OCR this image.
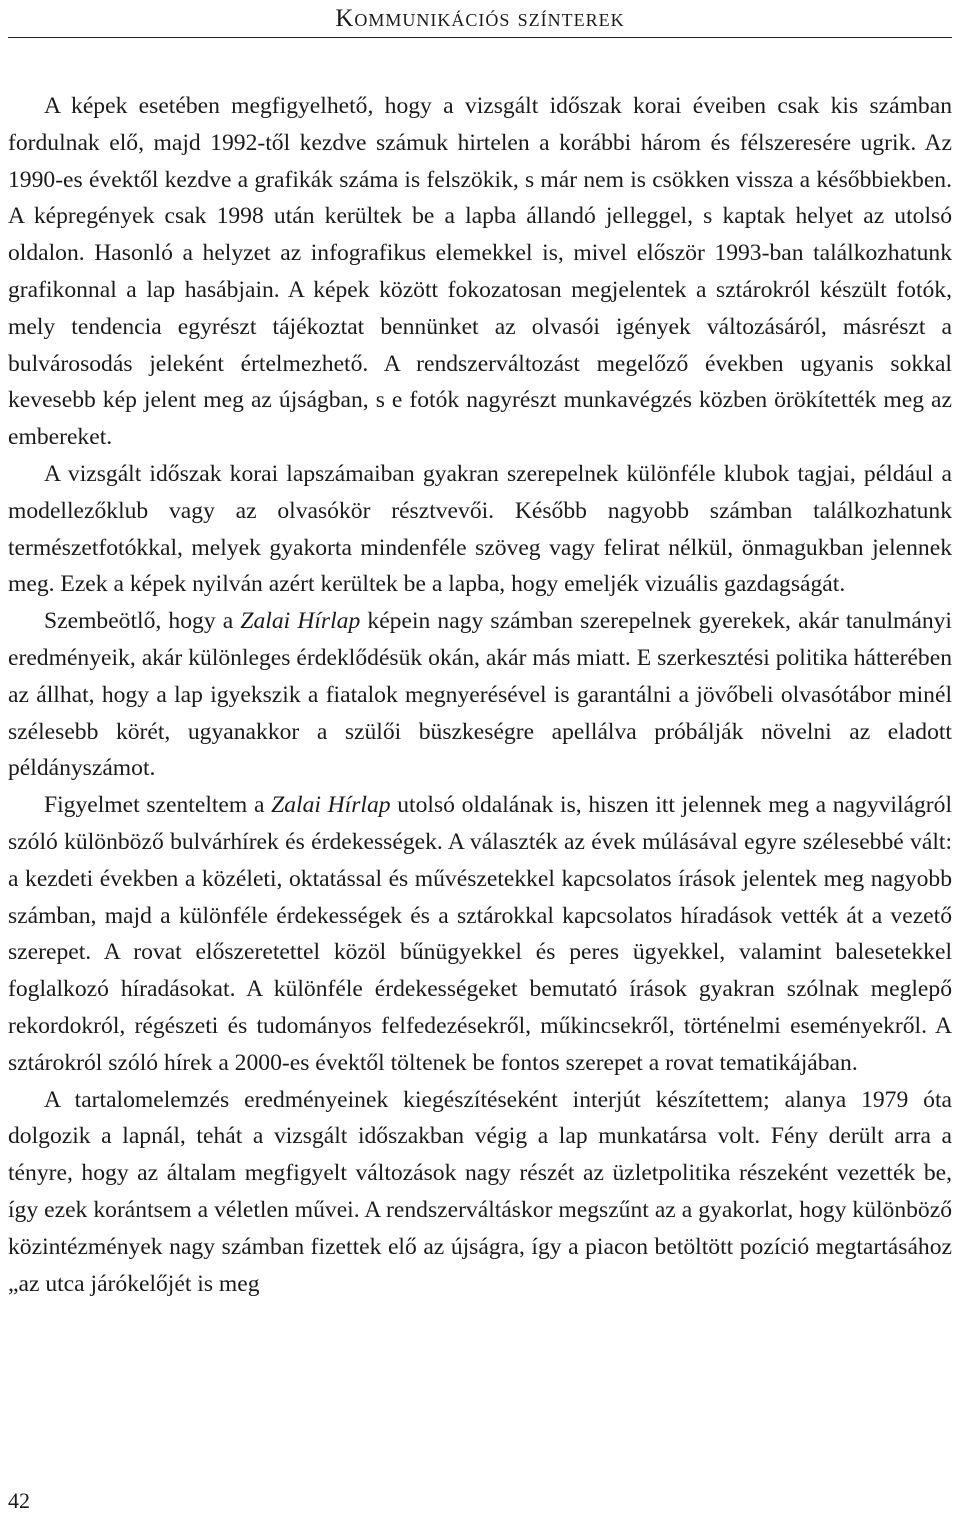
Kommunikációs színterek

A képek esetében megfigyelhető, hogy a vizsgált időszak korai éveiben csak kis számban fordulnak elő, majd 1992-től kezdve számuk hirtelen a korábbi három és félszeresére ugrik. Az 1990-es évektől kezdve a grafikák száma is felszökik, s már nem is csökken vissza a későbbiekben. A képregények csak 1998 után kerültek be a lapba állandó jelleggel, s kaptak helyet az utolsó oldalon. Hasonló a helyzet az infografikus elemekkel is, mivel először 1993-ban találkozhatunk grafikonnal a lap hasábjain. A képek között fokozatosan megjelentek a sztárokról készült fotók, mely tendencia egyrészt tájékoztat bennünket az olvasói igények változásáról, másrészt a bulvárosodás jeleként értelmezhető. A rendszerváltozást megelőző években ugyanis sokkal kevesebb kép jelent meg az újságban, s e fotók nagyrészt munkavégzés közben örökítették meg az embereket.

A vizsgált időszak korai lapszámaiban gyakran szerepelnek különféle klubok tagjai, például a modellezőklub vagy az olvasókör résztvevői. Később nagyobb számban találkozhatunk természetfotókkal, melyek gyakorta mindenféle szöveg vagy felirat nélkül, önmagukban jelennek meg. Ezek a képek nyilván azért kerültek be a lapba, hogy emeljék vizuális gazdagságát.

Szembeötlő, hogy a Zalai Hírlap képein nagy számban szerepelnek gyerekek, akár tanulmányi eredményeik, akár különleges érdeklődésük okán, akár más miatt. E szerkesztési politika hátterében az állhat, hogy a lap igyekszik a fiatalok megnyerésével is garantálni a jövőbeli olvasótábor minél szélesebb körét, ugyanakkor a szülői büszkeségre apellálva próbálják növelni az eladott példányszámot.

Figyelmet szenteltem a Zalai Hírlap utolsó oldalának is, hiszen itt jelennek meg a nagyvilágról szóló különböző bulvárhírek és érdekességek. A választék az évek múlásával egyre szélesebbé vált: a kezdeti években a közéleti, oktatással és művészetekkel kapcsolatos írások jelentek meg nagyobb számban, majd a különféle érdekességek és a sztárokkal kapcsolatos híradások vették át a vezető szerepet. A rovat előszeretettel közöl bűnügyekkel és peres ügyekkel, valamint balesetekkel foglalkozó híradásokat. A különféle érdekességeket bemutató írások gyakran szólnak meglepő rekordokról, régészeti és tudományos felfedezésekről, műkincsekről, történelmi eseményekről. A sztárokról szóló hírek a 2000-es évektől töltenek be fontos szerepet a rovat tematikájában.

A tartalomelemzés eredményeinek kiegészítéseként interjút készítettem; alanya 1979 óta dolgozik a lapnál, tehát a vizsgált időszakban végig a lap munkatársa volt. Fény derült arra a tényre, hogy az általam megfigyelt változások nagy részét az üzletpolitika részeként vezették be, így ezek korántsem a véletlen művei. A rendszerváltáskor megszűnt az a gyakorlat, hogy különböző közintézmények nagy számban fizettek elő az újságra, így a piacon betöltött pozíció megtartásához „az utca járókelőjét is meg

42
